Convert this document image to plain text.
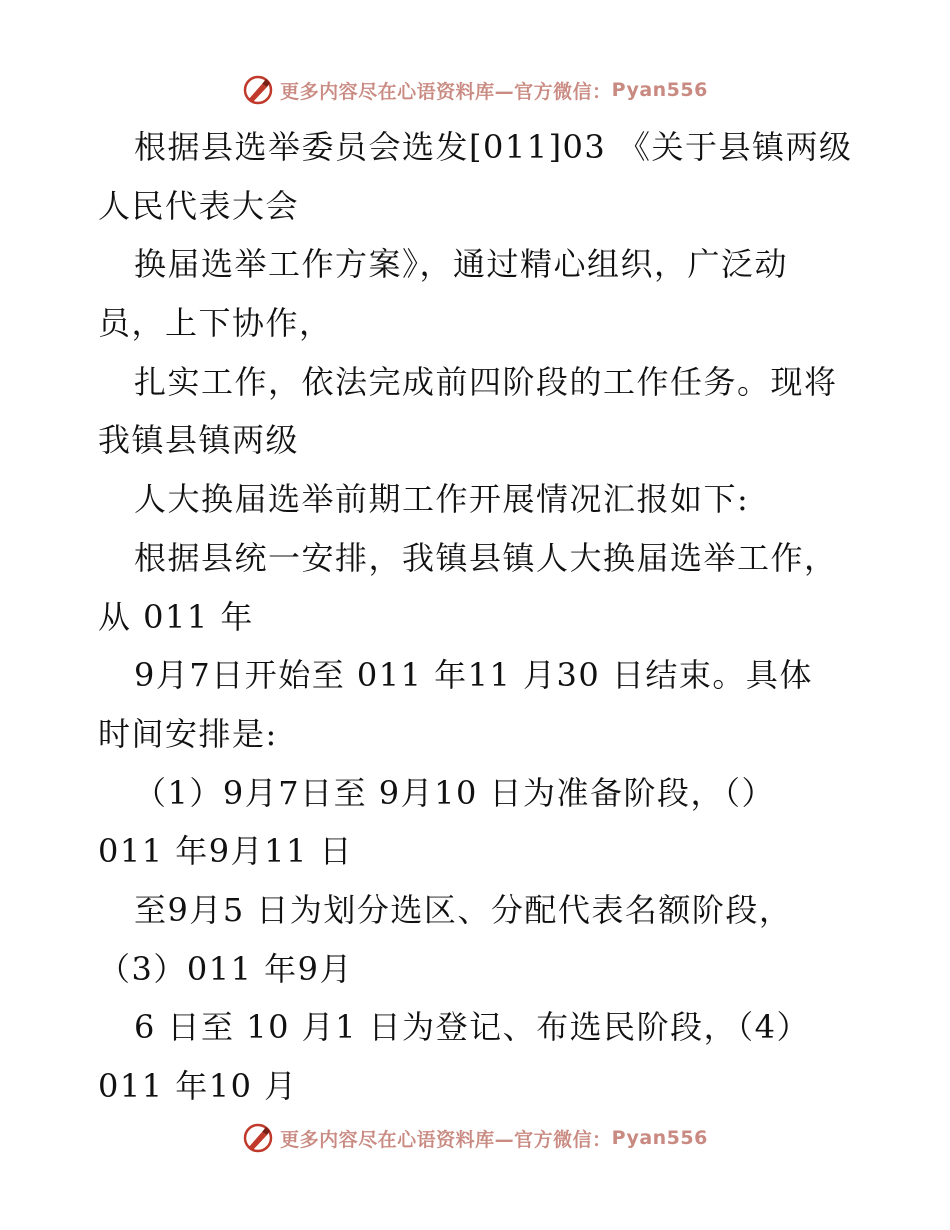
更多内容尽在心语资料库—官方微信： Pyan556
根据县选举委员会选发[011]03 《关于县镇两级
人民代表大会
换届选举工作方案》，通过精心组织，广泛动
员，上下协作，
扎实工作，依法完成前四阶段的工作任务。现将
我镇县镇两级
人大换届选举前期工作开展情况汇报如下:
根据县统一安排，我镇县镇人大换届选举工作，
从 011 年
9月7日开始至 011 年11 月30 日结束。具体
时间安排是:
（1）9月7日至 9月10 日为准备阶段，（）
011 年9月11 日
至9月5 日为划分选区、分配代表名额阶段，
（3）011 年9月
6 日至 10 月1 日为登记、布选民阶段，（4）
011 年10 月
更多内容尽在心语资料库—官方微信： Pyan556
